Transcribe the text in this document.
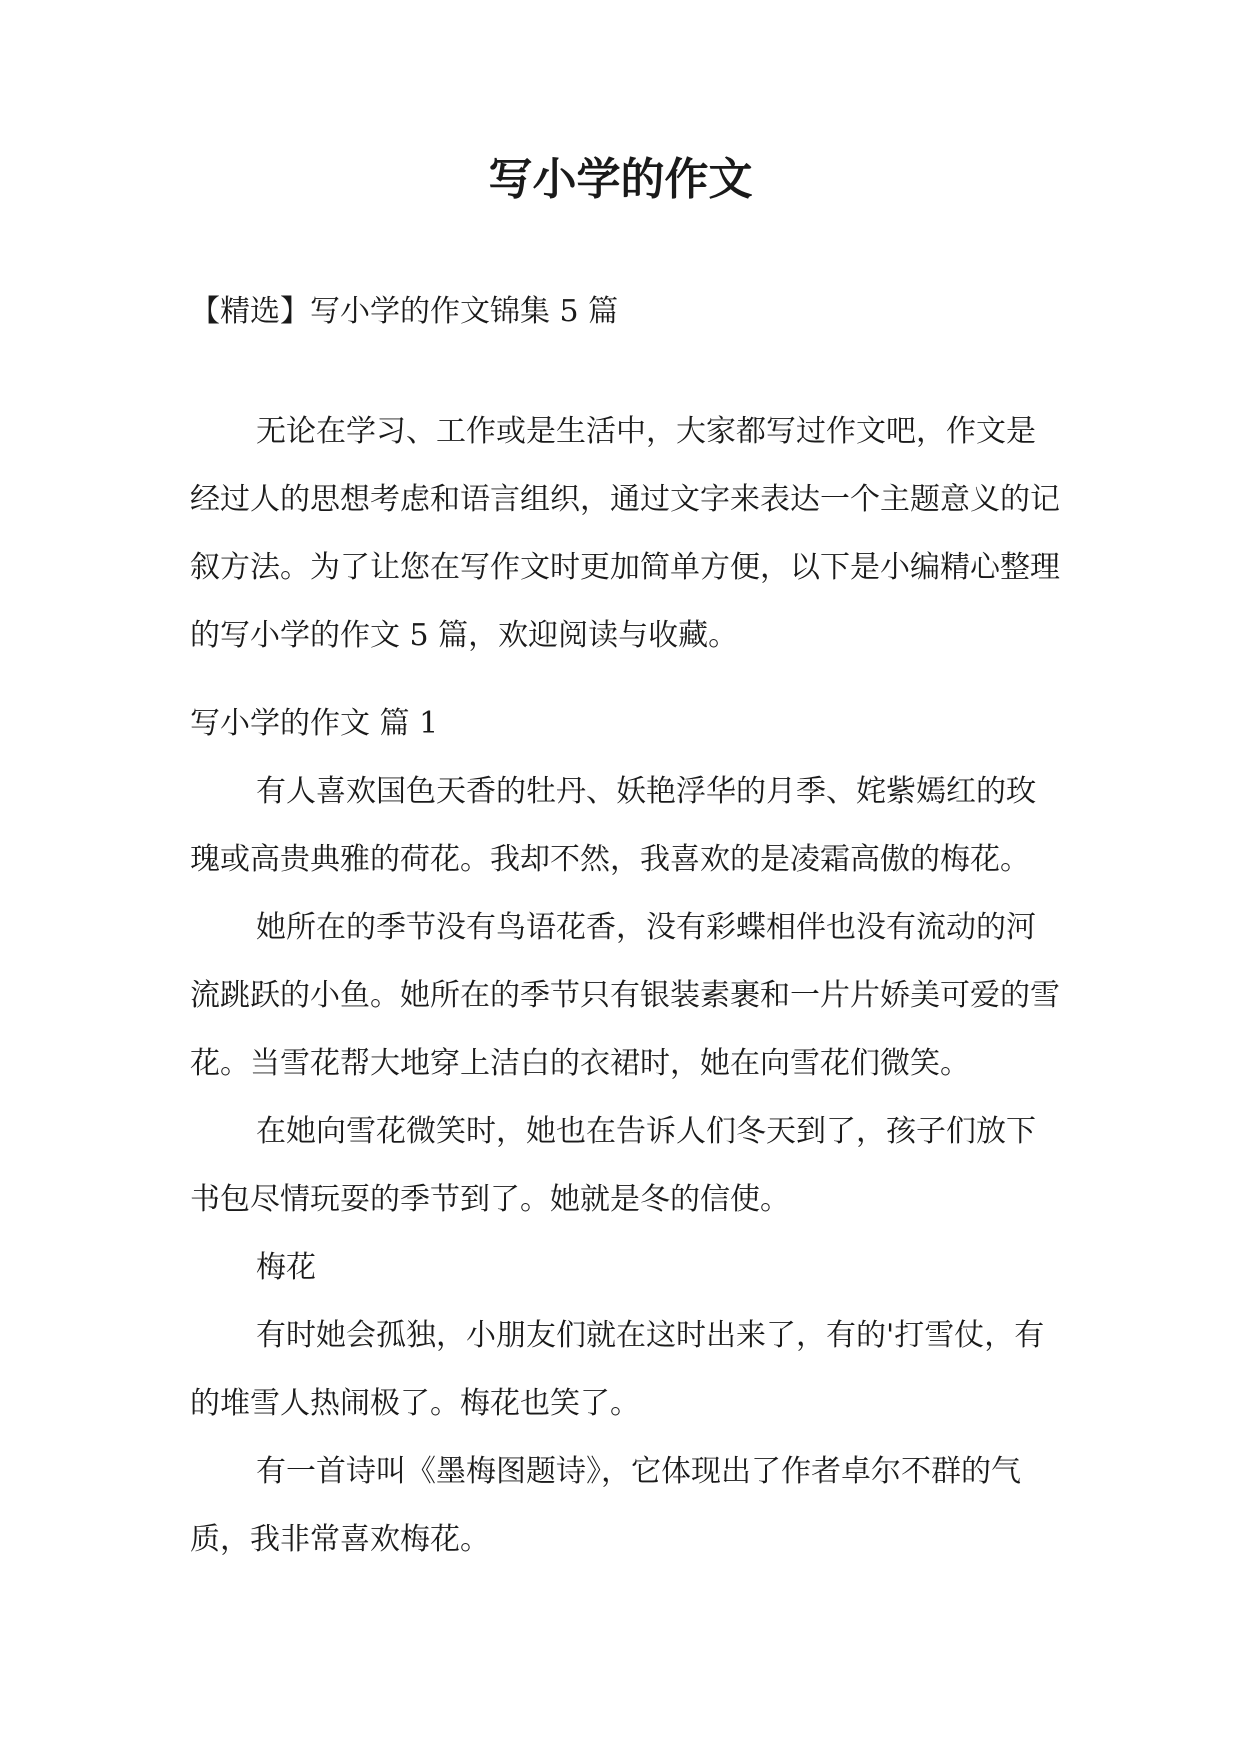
写小学的作文

【精选】写小学的作文锦集 5 篇

无论在学习、工作或是生活中，大家都写过作文吧，作文是经过人的思想考虑和语言组织，通过文字来表达一个主题意义的记叙方法。为了让您在写作文时更加简单方便，以下是小编精心整理的写小学的作文 5 篇，欢迎阅读与收藏。

写小学的作文 篇 1

有人喜欢国色天香的牡丹、妖艳浮华的月季、姹紫嫣红的玫瑰或高贵典雅的荷花。我却不然，我喜欢的是凌霜高傲的梅花。

她所在的季节没有鸟语花香，没有彩蝶相伴也没有流动的河流跳跃的小鱼。她所在的季节只有银装素裹和一片片娇美可爱的雪花。当雪花帮大地穿上洁白的衣裙时，她在向雪花们微笑。

在她向雪花微笑时，她也在告诉人们冬天到了，孩子们放下书包尽情玩耍的季节到了。她就是冬的信使。

梅花

有时她会孤独，小朋友们就在这时出来了，有的'打雪仗，有的堆雪人热闹极了。梅花也笑了。

有一首诗叫《墨梅图题诗》，它体现出了作者卓尔不群的气质，我非常喜欢梅花。
